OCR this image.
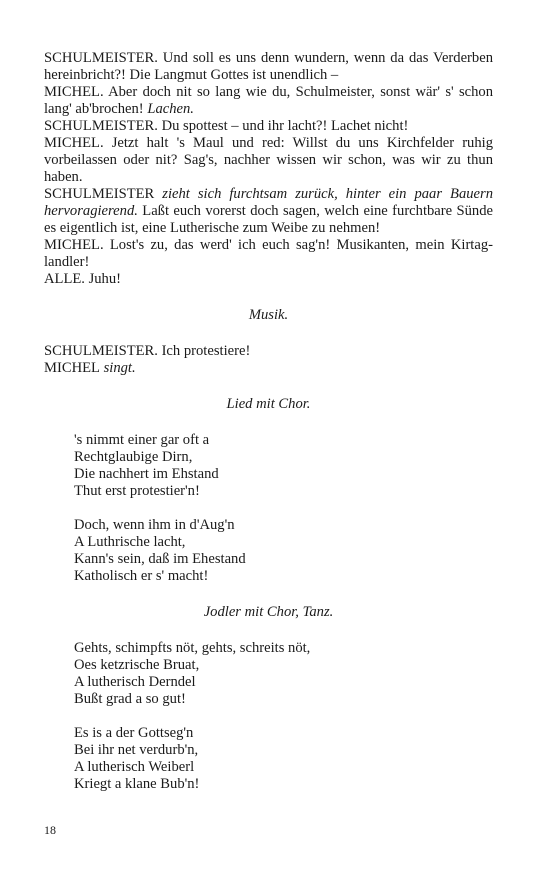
SCHULMEISTER. Und soll es uns denn wundern, wenn da das Verderben hereinbricht?! Die Langmut Gottes ist unendlich –

MICHEL. Aber doch nit so lang wie du, Schulmeister, sonst wär' s' schon lang' ab'brochen! Lachen.

SCHULMEISTER. Du spottest – und ihr lacht?! Lachet nicht!

MICHEL. Jetzt halt 's Maul und red: Willst du uns Kirchfelder ruhig vorbeilassen oder nit? Sag's, nachher wissen wir schon, was wir zu thun haben.

SCHULMEISTER zieht sich furchtsam zurück, hinter ein paar Bauern hervoragierend. Laßt euch vorerst doch sagen, welch eine furchtbare Sünde es eigentlich ist, eine Lutherische zum Weibe zu nehmen!

MICHEL. Lost's zu, das werd' ich euch sag'n! Musikanten, mein Kirtag-landler!

ALLE. Juhu!

Musik.

SCHULMEISTER. Ich protestiere!

MICHEL singt.

Lied mit Chor.

's nimmt einer gar oft a
Rechtglaubige Dirn,
Die nachhert im Ehstand
Thut erst protestier'n!
Doch, wenn ihm in d'Aug'n
A Luthrische lacht,
Kann's sein, daß im Ehestand
Katholisch er s' macht!

Jodler mit Chor, Tanz.

Gehts, schimpfts nöt, gehts, schreits nöt,
Oes ketzrische Bruat,
A lutherisch Derndel
Bußt grad a so gut!
Es is a der Gottseg'n
Bei ihr net verdurb'n,
A lutherisch Weiberl
Kriegt a klane Bub'n!
18
